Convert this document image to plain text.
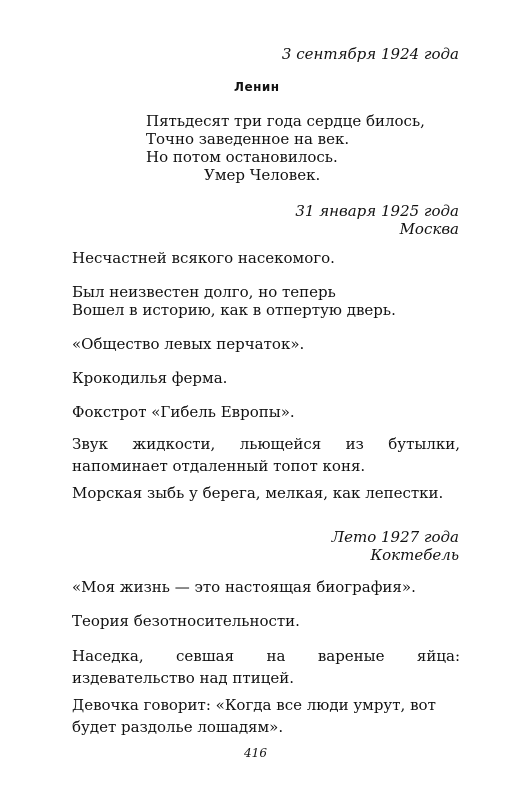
3 сентября 1924 года
Ленин
Пятьдесят три года сердце билось,
Точно заведенное на век.
Но потом остановилось.
Умер Человек.
31 января 1925 года
Москва
Несчастней всякого насекомого.
Был неизвестен долго, но теперь
Вошел в историю, как в отпертую дверь.
«Общество левых перчаток».
Крокодилья ферма.
Фокстрот «Гибель Европы».
Звук жидкости, льющейся из бутылки, напоминает отдаленный топот коня.
Морская зыбь у берега, мелкая, как лепестки.
Лето 1927 года
Коктебель
«Моя жизнь — это настоящая биография».
Теория безотносительности.
Наседка, севшая на вареные яйца: издевательство над птицей.
Девочка говорит: «Когда все люди умрут, вот будет раздолье лошадям».
416
